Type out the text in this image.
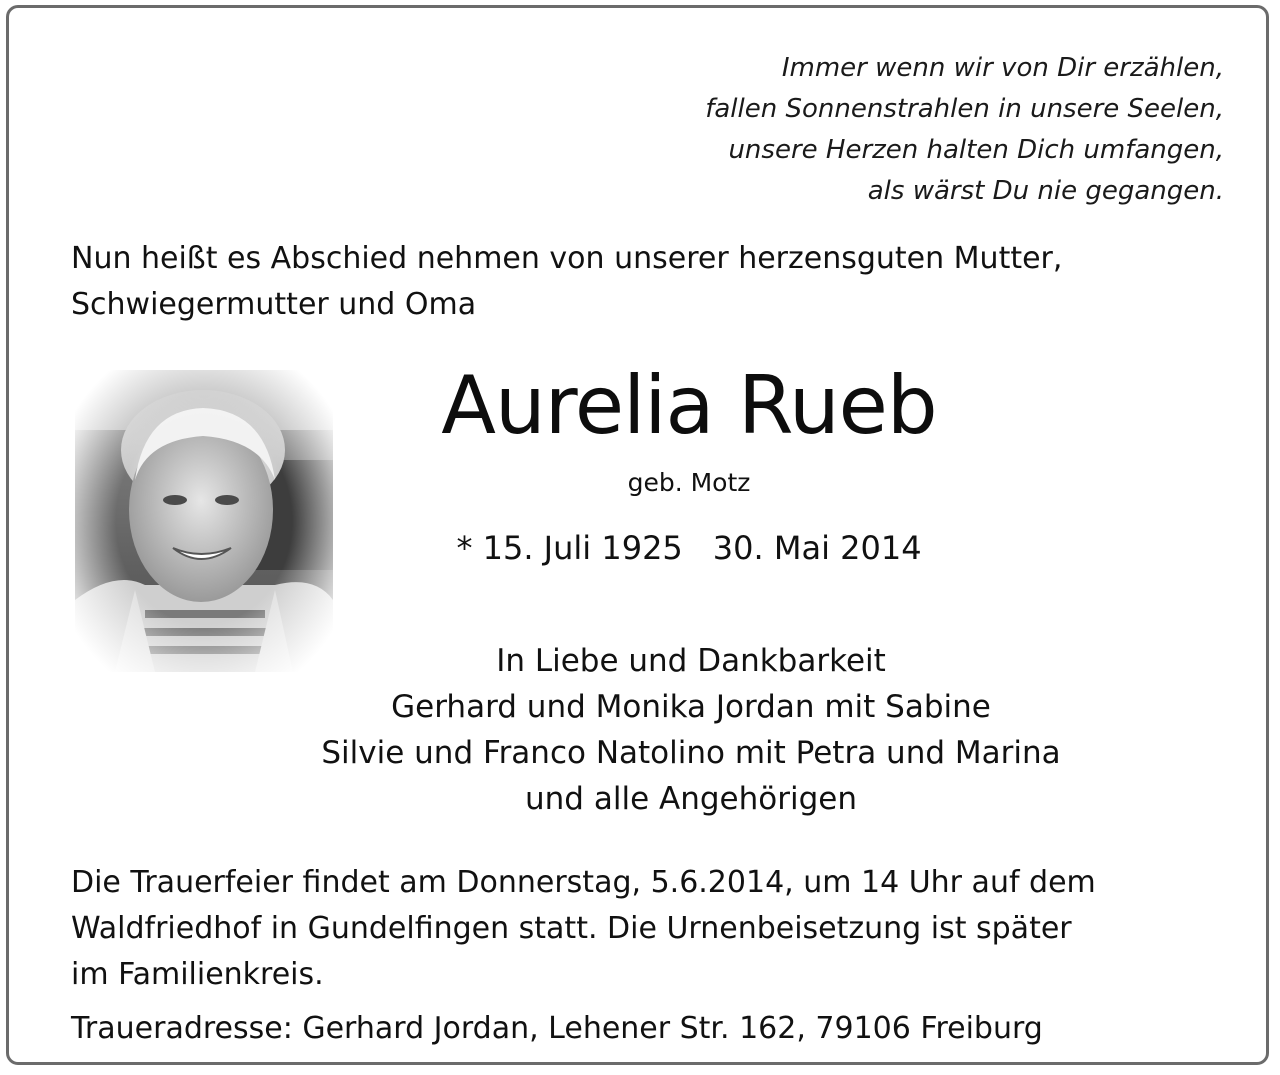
Immer wenn wir von Dir erzählen,
fallen Sonnenstrahlen in unsere Seelen,
unsere Herzen halten Dich umfangen,
als wärst Du nie gegangen.
Nun heißt es Abschied nehmen von unserer herzensguten Mutter,
Schwiegermutter und Oma
Aurelia Rueb
geb. Motz
* 15. Juli 1925 30. Mai 2014
In Liebe und Dankbarkeit
Gerhard und Monika Jordan mit Sabine
Silvie und Franco Natolino mit Petra und Marina
und alle Angehörigen
Die Trauerfeier findet am Donnerstag, 5.6.2014, um 14 Uhr auf dem
Waldfriedhof in Gundelfingen statt. Die Urnenbeisetzung ist später
im Familienkreis.
Traueradresse: Gerhard Jordan, Lehener Str. 162, 79106 Freiburg
